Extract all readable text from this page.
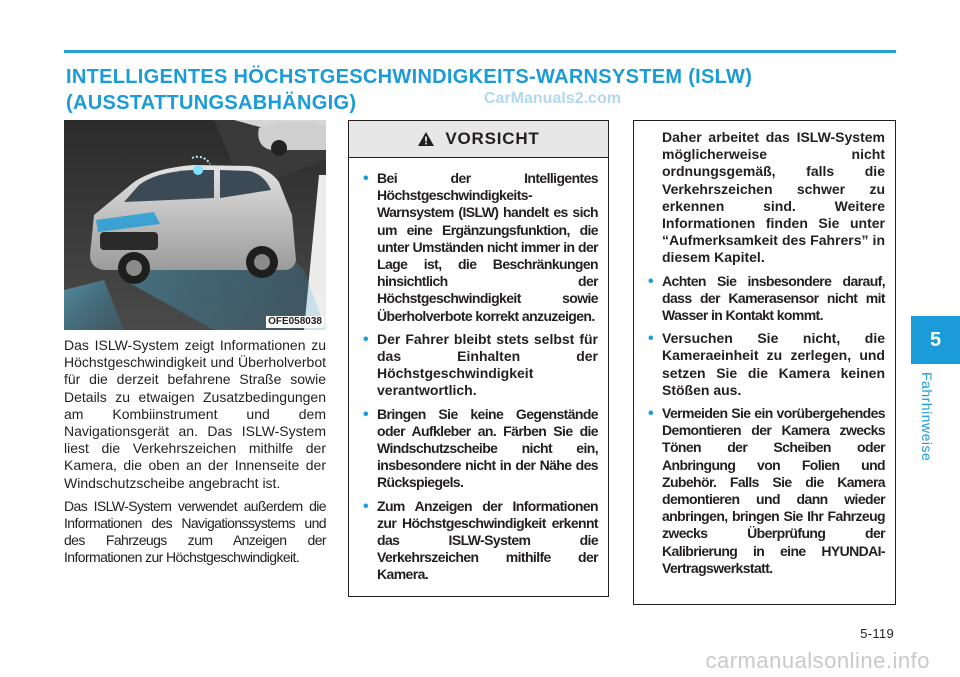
INTELLIGENTES HÖCHSTGESCHWINDIGKEITS-WARNSYSTEM (ISLW)
(AUSSTATTUNGSABHÄNGIG)	CarManuals2.com
OFE058038

Das ISLW-System zeigt Informationen zu Höchstgeschwindigkeit und Überholverbot für die derzeit befahrene Straße sowie Details zu etwaigen Zusatzbedingungen am Kombiinstrument und dem Navigationsgerät an. Das ISLW-System liest die Verkehrszeichen mithilfe der Kamera, die oben an der Innenseite der Windschutzscheibe angebracht ist.

Das ISLW-System verwendet außerdem die Informationen des Navigationssystems und des Fahrzeugs zum Anzeigen der Informationen zur Höchstgeschwindigkeit.

VORSICHT
• Bei der Intelligentes Höchstgeschwindigkeits-Warnsystem (ISLW) handelt es sich um eine Ergänzungsfunktion, die unter Umständen nicht immer in der Lage ist, die Beschränkungen hinsichtlich der Höchstgeschwindigkeit sowie Überholverbote korrekt anzuzeigen.
• Der Fahrer bleibt stets selbst für das Einhalten der Höchstgeschwindigkeit verantwortlich.
• Bringen Sie keine Gegenstände oder Aufkleber an. Färben Sie die Windschutzscheibe nicht ein, insbesondere nicht in der Nähe des Rückspiegels.
• Zum Anzeigen der Informationen zur Höchstgeschwindigkeit erkennt das ISLW-System die Verkehrszeichen mithilfe der Kamera.

Daher arbeitet das ISLW-System möglicherweise nicht ordnungsgemäß, falls die Verkehrszeichen schwer zu erkennen sind. Weitere Informationen finden Sie unter “Aufmerksamkeit des Fahrers” in diesem Kapitel.

• Achten Sie insbesondere darauf, dass der Kamerasensor nicht mit Wasser in Kontakt kommt.
• Versuchen Sie nicht, die Kameraeinheit zu zerlegen, und setzen Sie die Kamera keinen Stößen aus.
• Vermeiden Sie ein vorübergehendes Demontieren der Kamera zwecks Tönen der Scheiben oder Anbringung von Folien und Zubehör. Falls Sie die Kamera demontieren und dann wieder anbringen, bringen Sie Ihr Fahrzeug zwecks Überprüfung der Kalibrierung in eine HYUNDAI-Vertragswerkstatt.
5
Fahrhinweise
5-119
carmanualsonline.info
